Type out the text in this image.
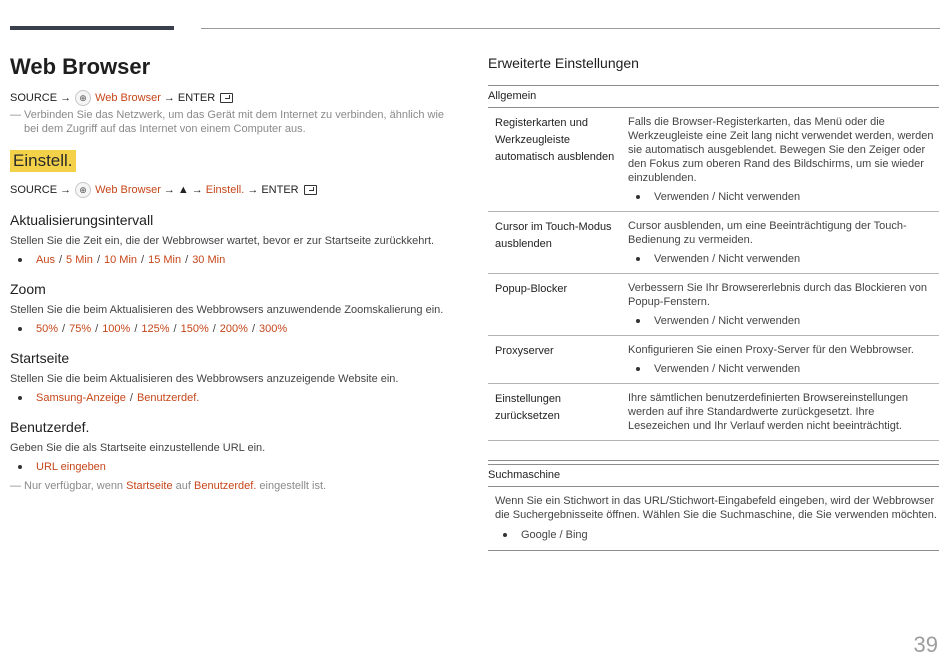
Web Browser
SOURCE → ⊕ Web Browser → ENTER
― Verbinden Sie das Netzwerk, um das Gerät mit dem Internet zu verbinden, ähnlich wie bei dem Zugriff auf das Internet von einem Computer aus.
Einstell.
SOURCE → ⊕ Web Browser → ▲ → Einstell. → ENTER
Aktualisierungsintervall
Stellen Sie die Zeit ein, die der Webbrowser wartet, bevor er zur Startseite zurückkehrt.
Aus / 5 Min / 10 Min / 15 Min / 30 Min
Zoom
Stellen Sie die beim Aktualisieren des Webbrowsers anzuwendende Zoomskalierung ein.
50% / 75% / 100% / 125% / 150% / 200% / 300%
Startseite
Stellen Sie die beim Aktualisieren des Webbrowsers anzuzeigende Website ein.
Samsung-Anzeige / Benutzerdef.
Benutzerdef.
Geben Sie die als Startseite einzustellende URL ein.
URL eingeben
― Nur verfügbar, wenn Startseite auf Benutzerdef. eingestellt ist.
Erweiterte Einstellungen
Allgemein
Registerkarten und Werkzeugleiste automatisch ausblenden
Falls die Browser-Registerkarten, das Menü oder die Werkzeugleiste eine Zeit lang nicht verwendet werden, werden sie automatisch ausgeblendet. Bewegen Sie den Zeiger oder den Fokus zum oberen Rand des Bildschirms, um sie wieder einzublenden.
Verwenden / Nicht verwenden
Cursor im Touch-Modus ausblenden
Cursor ausblenden, um eine Beeinträchtigung der Touch-Bedienung zu vermeiden.
Verwenden / Nicht verwenden
Popup-Blocker	Verbessern Sie Ihr Browsererlebnis durch das Blockieren von Popup-Fenstern.
Verwenden / Nicht verwenden
Proxyserver	Konfigurieren Sie einen Proxy-Server für den Webbrowser.
Verwenden / Nicht verwenden
Einstellungen zurücksetzen
Ihre sämtlichen benutzerdefinierten Browsereinstellungen werden auf ihre Standardwerte zurückgesetzt. Ihre Lesezeichen und Ihr Verlauf werden nicht beeinträchtigt.
Suchmaschine
Wenn Sie ein Stichwort in das URL/Stichwort-Eingabefeld eingeben, wird der Webbrowser die Suchergebnisseite öffnen. Wählen Sie die Suchmaschine, die Sie verwenden möchten.
Google / Bing
39
